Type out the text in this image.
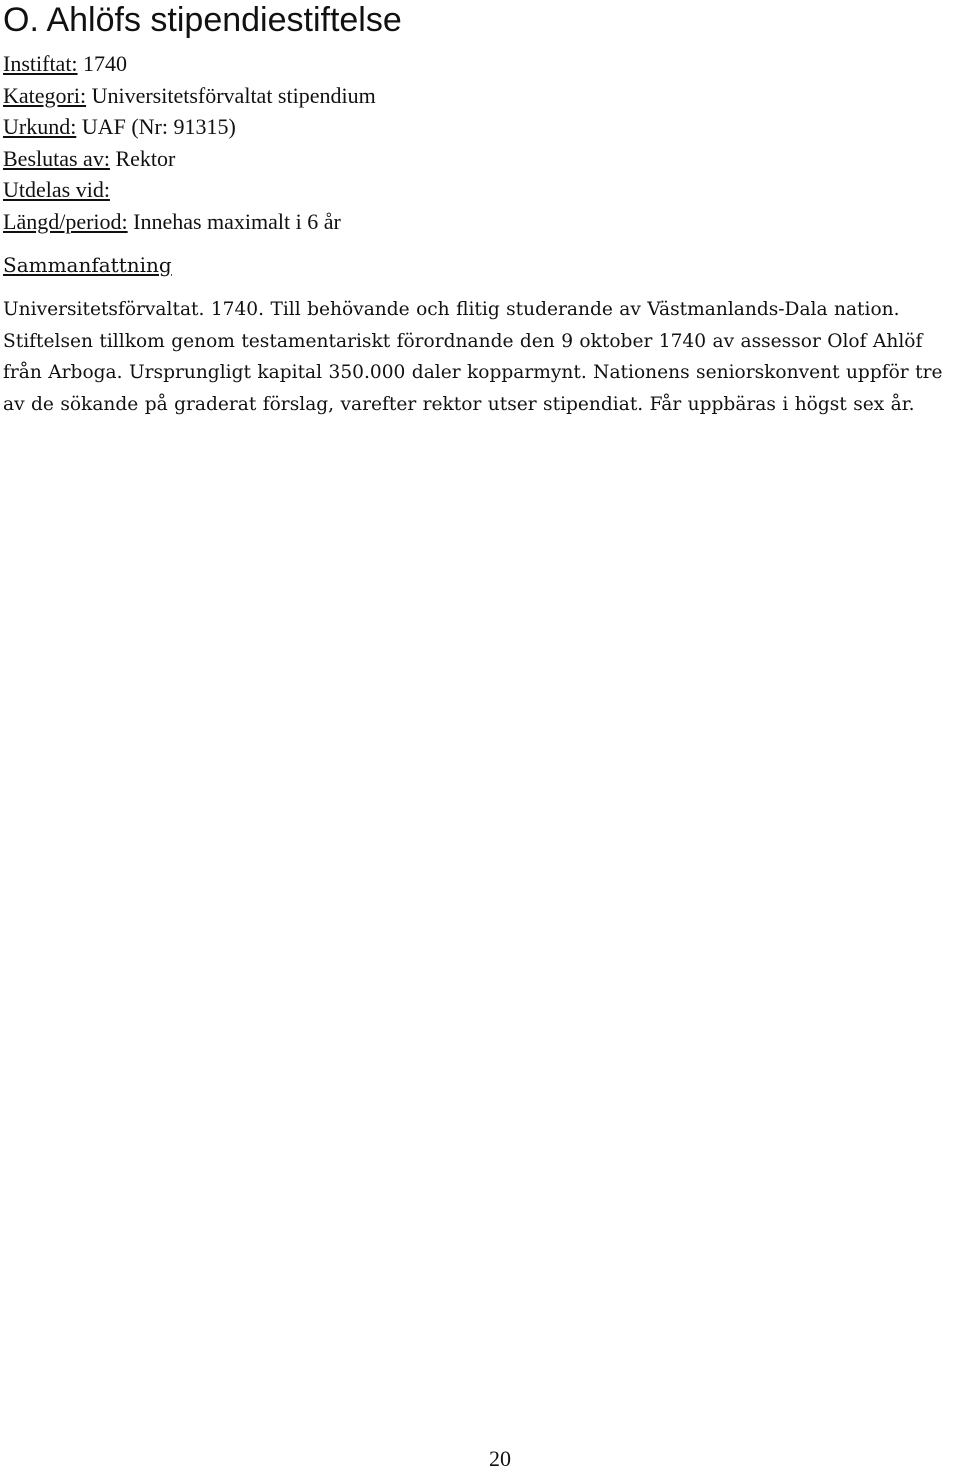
O. Ahlöfs stipendiestiftelse
Instiftat: 1740
Kategori: Universitetsförvaltat stipendium
Urkund: UAF (Nr: 91315)
Beslutas av: Rektor
Utdelas vid:
Längd/period: Innehas maximalt i 6 år
Sammanfattning

Universitetsförvaltat. 1740. Till behövande och flitig studerande av Västmanlands-Dala nation. Stiftelsen tillkom genom testamentariskt förordnande den 9 oktober 1740 av assessor Olof Ahlöf från Arboga. Ursprungligt kapital 350.000 daler kopparmynt. Nationens seniorskonvent uppför tre av de sökande på graderat förslag, varefter rektor utser stipendiat. Får uppbäras i högst sex år.

20
